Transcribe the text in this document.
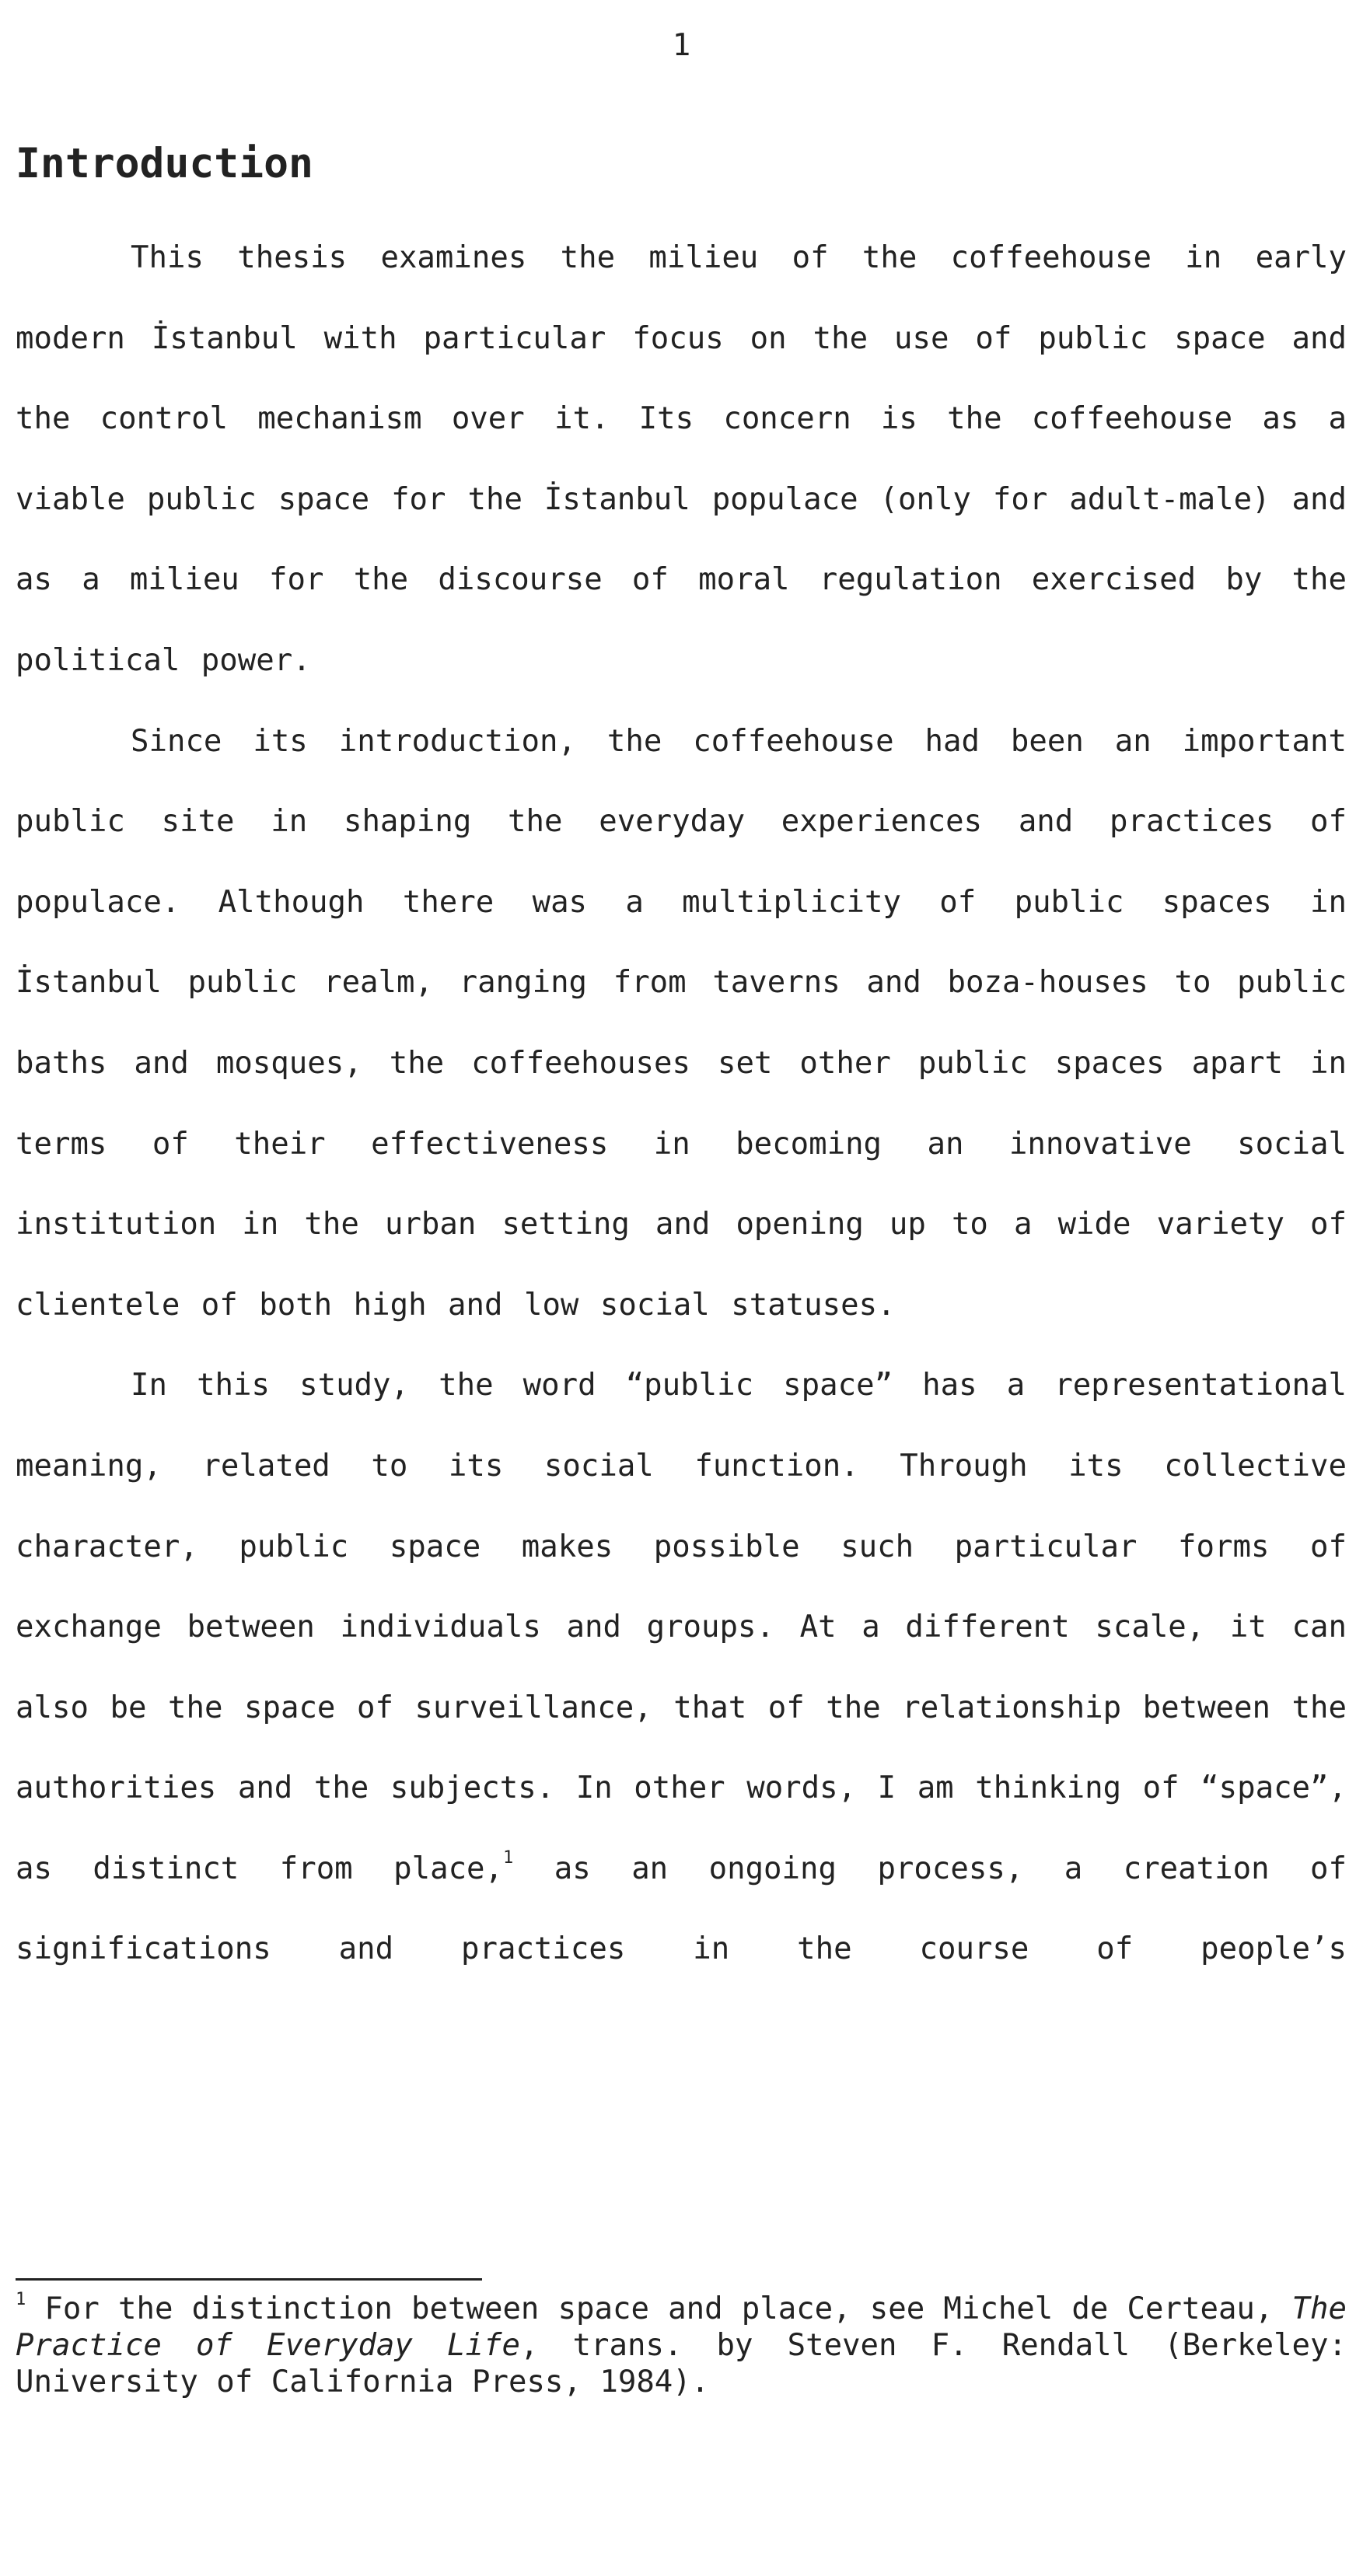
1
Introduction

This thesis examines the milieu of the coffeehouse in early modern İstanbul with particular focus on the use of public space and the control mechanism over it. Its concern is the coffeehouse as a viable public space for the İstanbul populace (only for adult-male) and as a milieu for the discourse of moral regulation exercised by the political power.

Since its introduction, the coffeehouse had been an important public site in shaping the everyday experiences and practices of populace. Although there was a multiplicity of public spaces in İstanbul public realm, ranging from taverns and boza-houses to public baths and mosques, the coffeehouses set other public spaces apart in terms of their effectiveness in becoming an innovative social institution in the urban setting and opening up to a wide variety of clientele of both high and low social statuses.

In this study, the word “public space” has a representational meaning, related to its social function. Through its collective character, public space makes possible such particular forms of exchange between individuals and groups. At a different scale, it can also be the space of surveillance, that of the relationship between the authorities and the subjects. In other words, I am thinking of “space”, as distinct from place,$^1$ as an ongoing process, a creation of significations and practices in the course of people’s

$^1$ For the distinction between space and place, see Michel de Certeau, The Practice of Everyday Life, trans. by Steven F. Rendall (Berkeley: University of California Press, 1984).
